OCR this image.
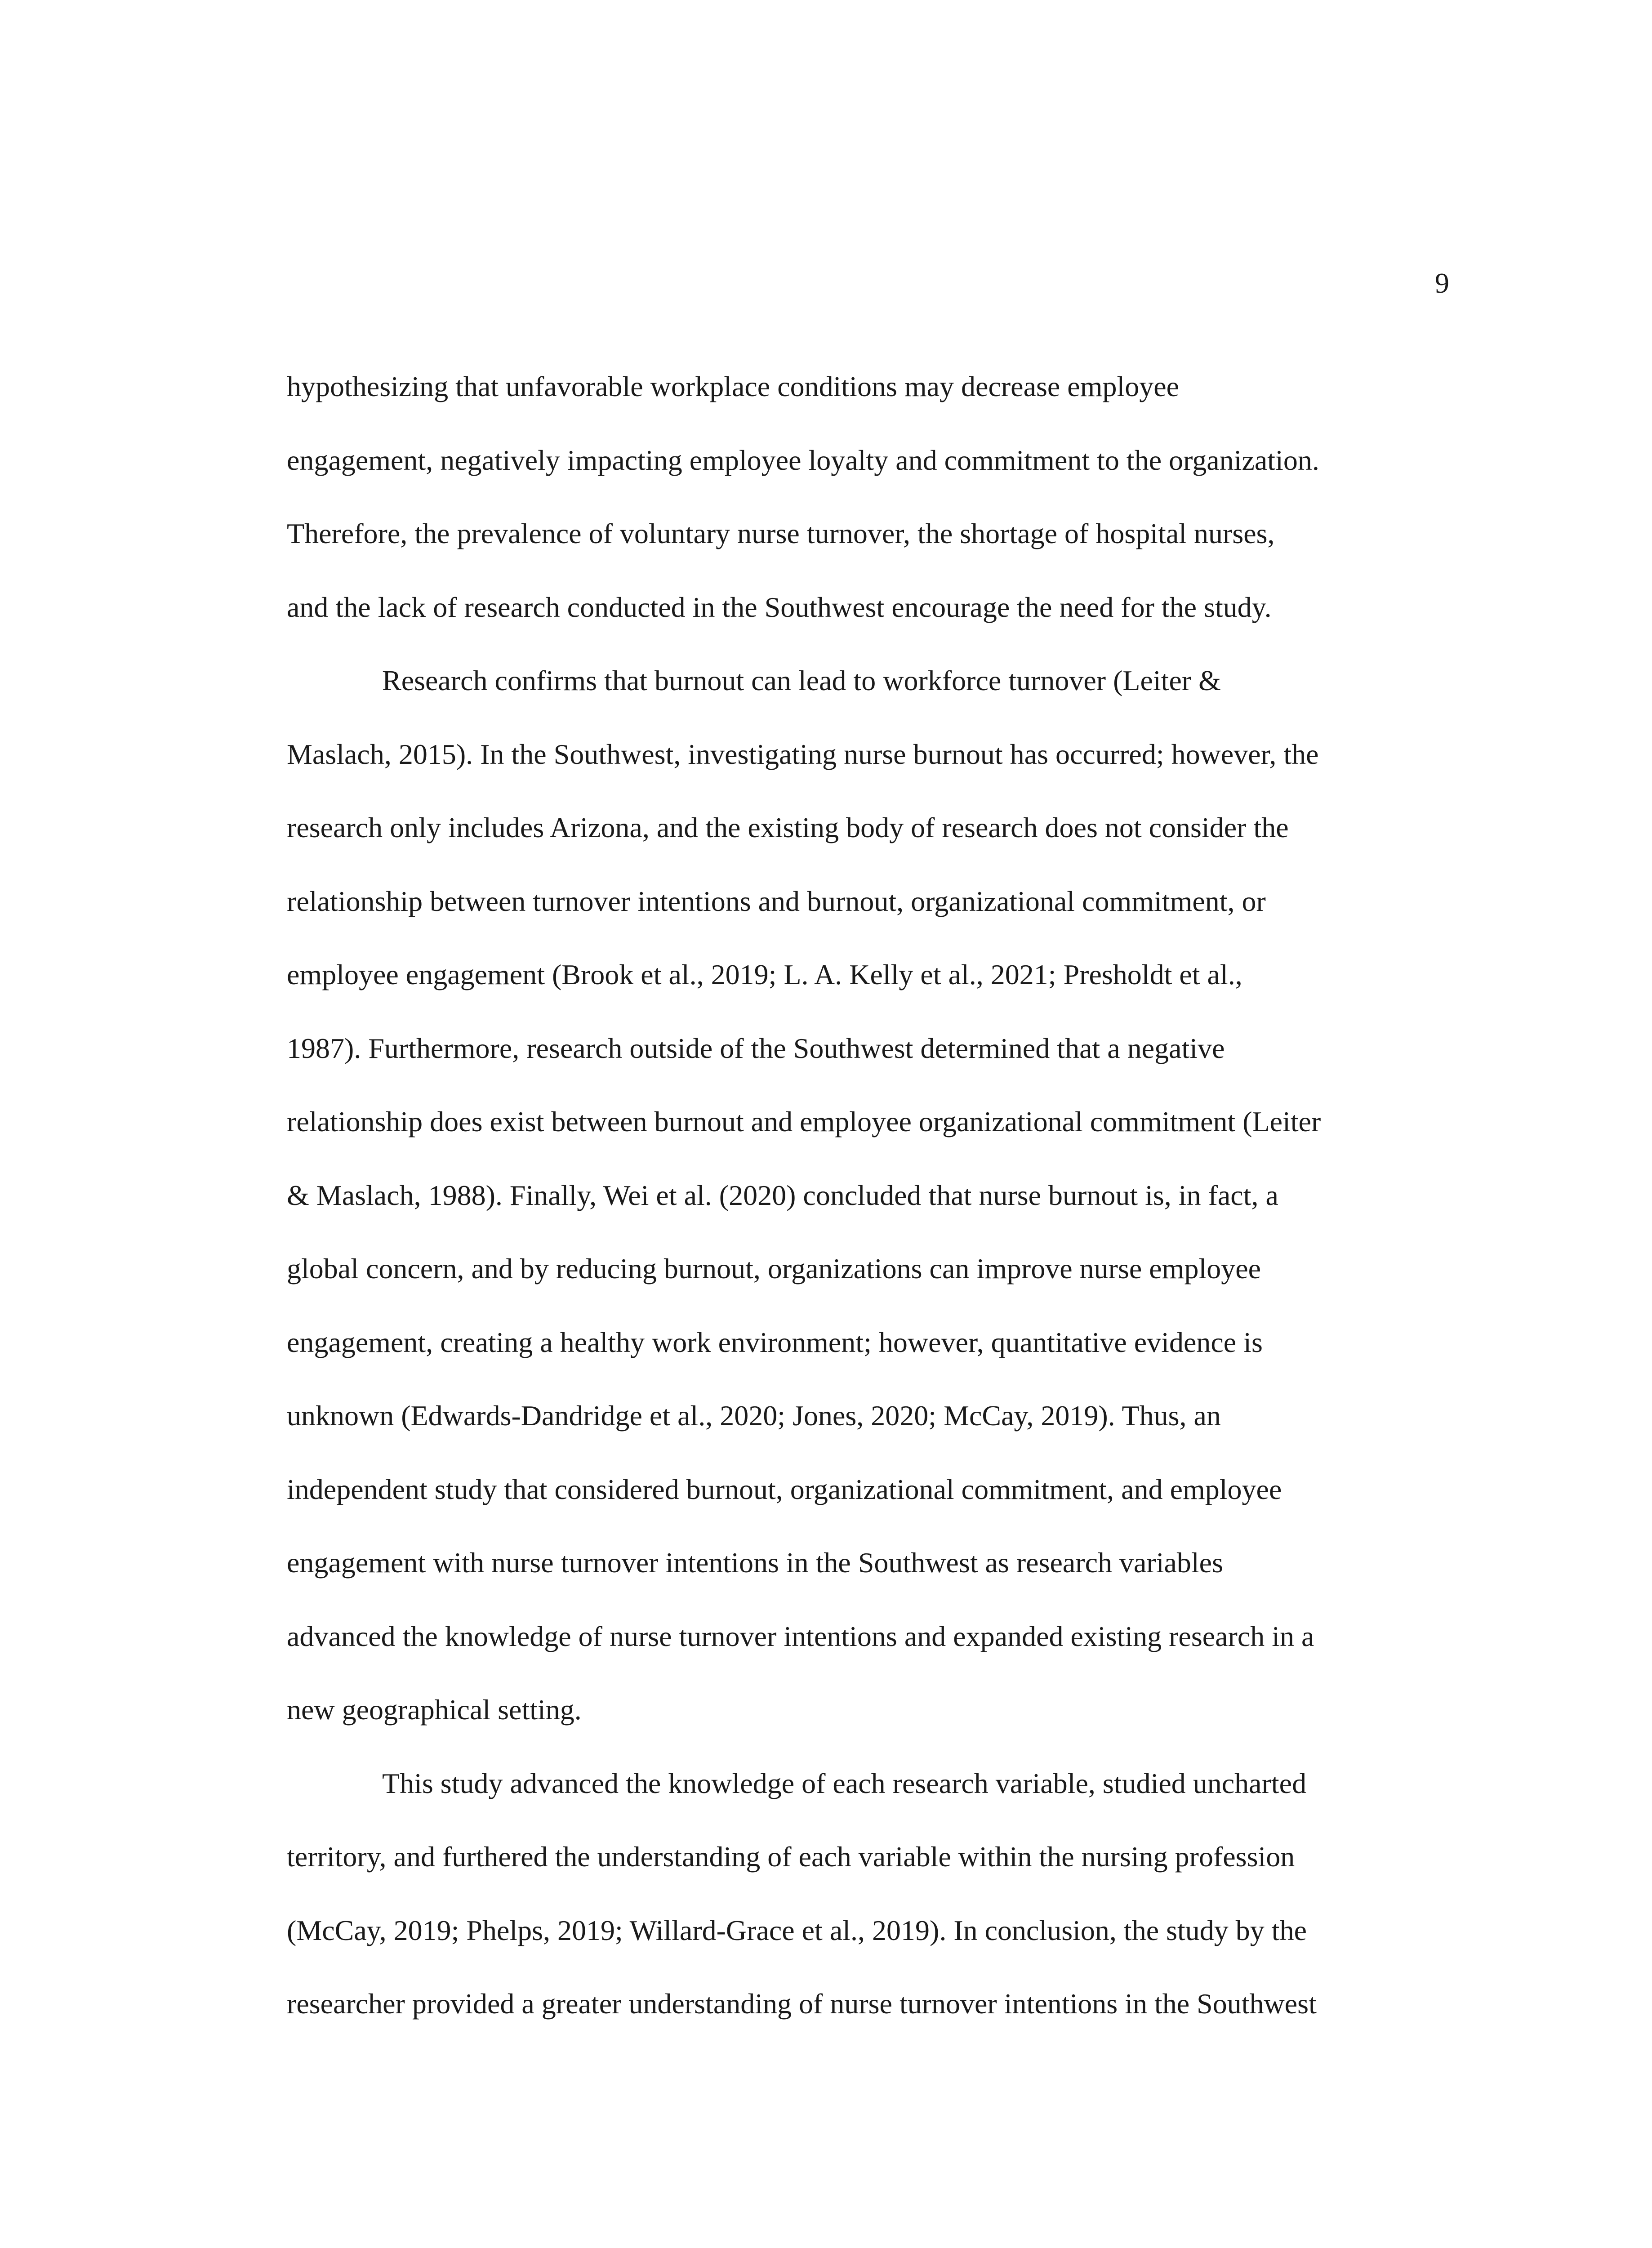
9
hypothesizing that unfavorable workplace conditions may decrease employee
engagement, negatively impacting employee loyalty and commitment to the organization.
Therefore, the prevalence of voluntary nurse turnover, the shortage of hospital nurses,
and the lack of research conducted in the Southwest encourage the need for the study.
Research confirms that burnout can lead to workforce turnover (Leiter &
Maslach, 2015). In the Southwest, investigating nurse burnout has occurred; however, the
research only includes Arizona, and the existing body of research does not consider the
relationship between turnover intentions and burnout, organizational commitment, or
employee engagement (Brook et al., 2019; L. A. Kelly et al., 2021; Presholdt et al.,
1987). Furthermore, research outside of the Southwest determined that a negative
relationship does exist between burnout and employee organizational commitment (Leiter
& Maslach, 1988). Finally, Wei et al. (2020) concluded that nurse burnout is, in fact, a
global concern, and by reducing burnout, organizations can improve nurse employee
engagement, creating a healthy work environment; however, quantitative evidence is
unknown (Edwards-Dandridge et al., 2020; Jones, 2020; McCay, 2019). Thus, an
independent study that considered burnout, organizational commitment, and employee
engagement with nurse turnover intentions in the Southwest as research variables
advanced the knowledge of nurse turnover intentions and expanded existing research in a
new geographical setting.
This study advanced the knowledge of each research variable, studied uncharted
territory, and furthered the understanding of each variable within the nursing profession
(McCay, 2019; Phelps, 2019; Willard-Grace et al., 2019). In conclusion, the study by the
researcher provided a greater understanding of nurse turnover intentions in the Southwest
